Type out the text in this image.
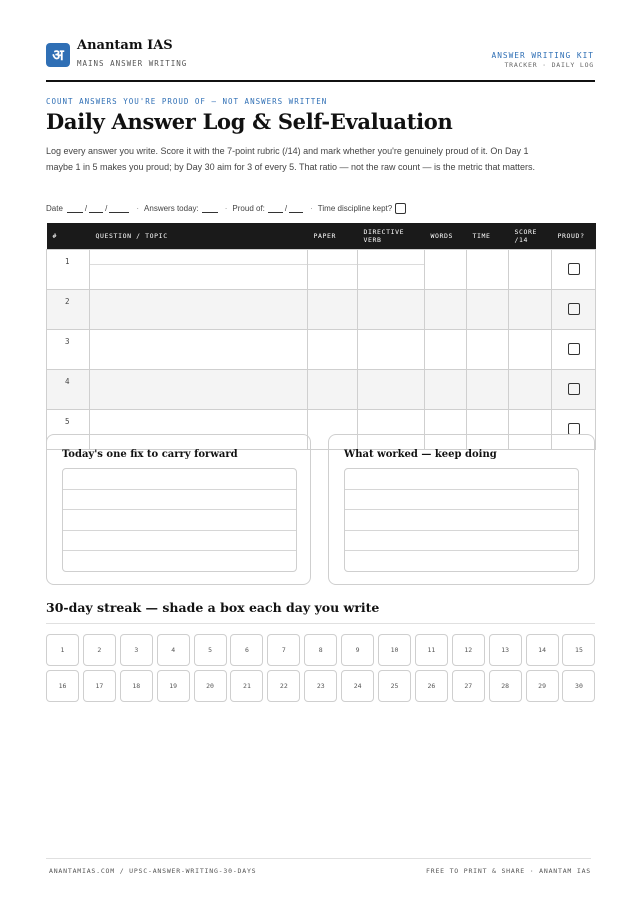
अ
Anantam IAS
MAINS ANSWER WRITING
ANSWER WRITING KIT
TRACKER · DAILY LOG
COUNT ANSWERS YOU'RE PROUD OF — NOT ANSWERS WRITTEN
Daily Answer Log & Self-Evaluation

Log every answer you write. Score it with the 7-point rubric (/14) and mark whether you're genuinely proud of it. On Day 1 maybe 1 in 5 makes you proud; by Day 30 aim for 3 of every 5. That ratio — not the raw count — is the metric that matters.

Date	/
/	· Answers today:	· Proud of:	/	· Time discipline kept?
#	QUESTION / TOPIC	PAPER	DIRECTIVE VERB	WORDS	TIME	SCORE /14	PROUD?
1	

2							
3							
4							
5							
Today's one fix to carry forward	What worked — keep doing
30-day streak — shade a box each day you write
1	2	3	4	5	6	7	8	9	10	11	12	13	14	15
16	17	18	19	20	21	22	23	24	25	26	27	28	29	30
ANANTAMIAS.COM / UPSC-ANSWER-WRITING-30-DAYS	FREE TO PRINT & SHARE · ANANTAM IAS
